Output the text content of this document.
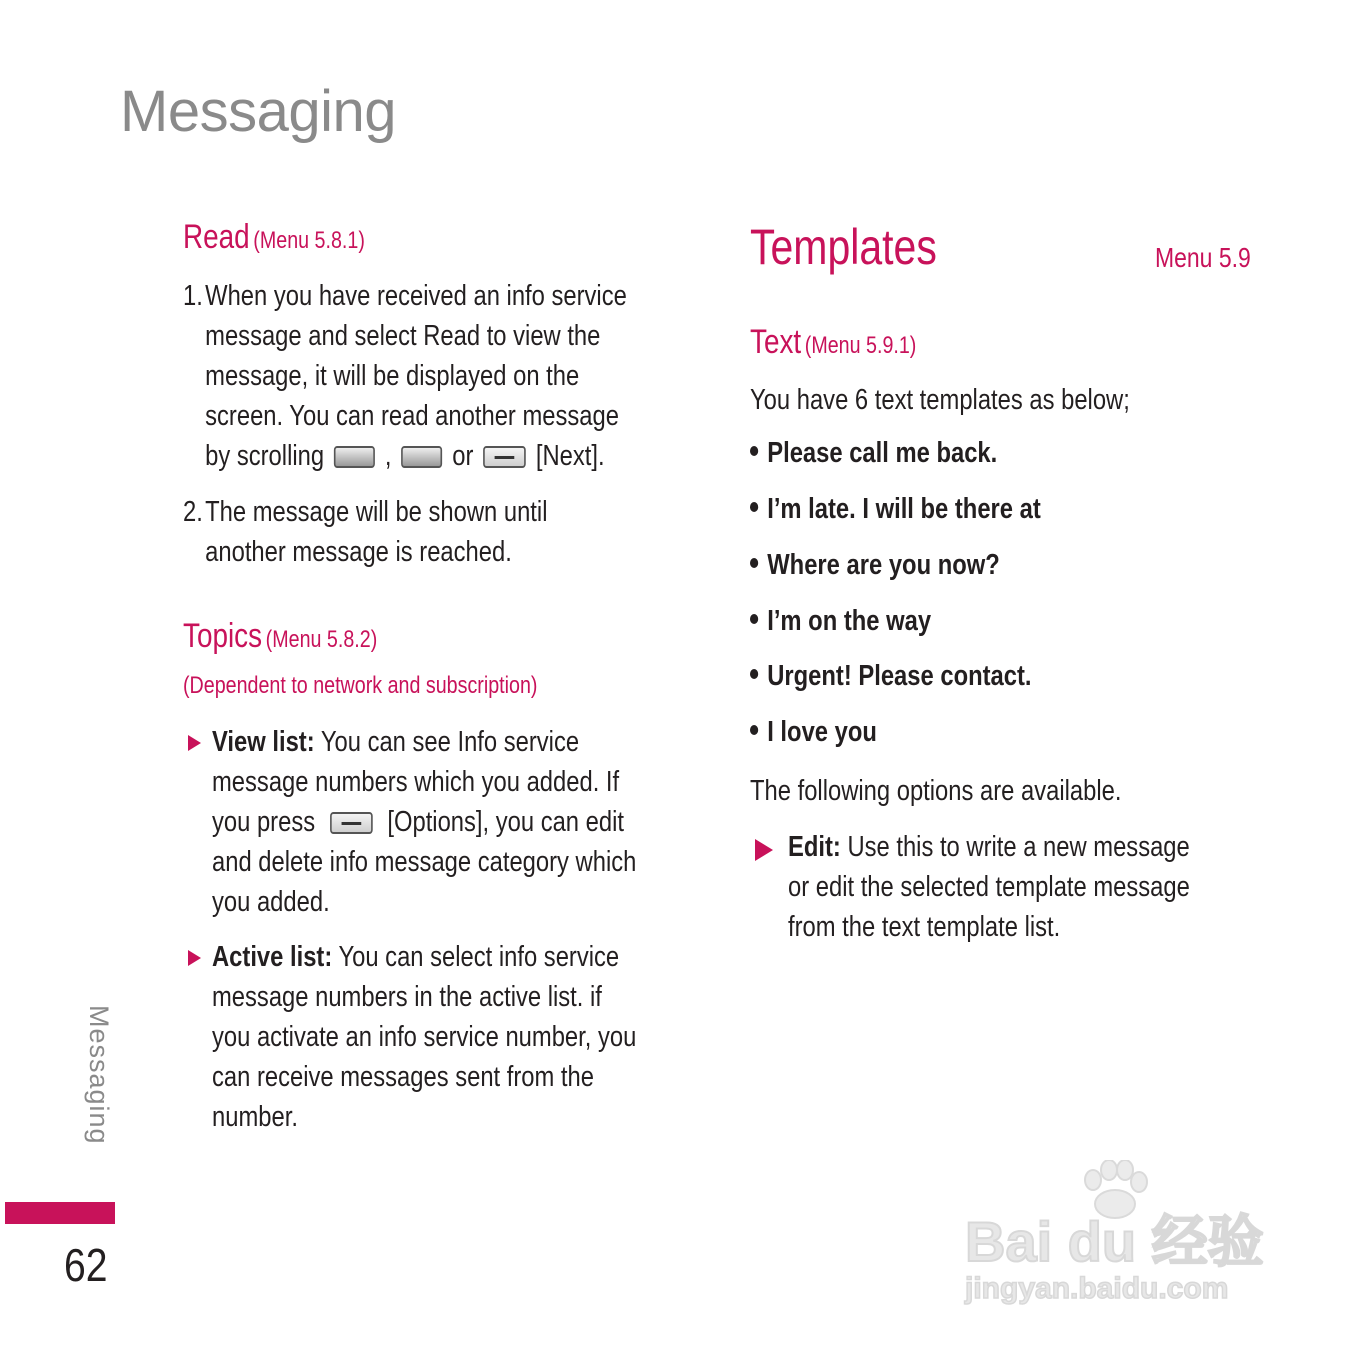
Messaging
Read (Menu 5.8.1)
1.When you have received an info service
message and select Read to view the
message, it will be displayed on the
screen. You can read another message
by scrolling , or [Next].
2.The message will be shown until
another message is reached.
Topics (Menu 5.8.2)
(Dependent to network and subscription)
View list: You can see Info service
message numbers which you added. If
you press [Options], you can edit
and delete info message category which
you added.
Active list: You can select info service
message numbers in the active list. if
you activate an info service number, you
can receive messages sent from the
number.
Templates	Menu 5.9
Text (Menu 5.9.1)
You have 6 text templates as below;
Please call me back.
I’m late. I will be there at
Where are you now?
I’m on the way
Urgent! Please contact.
I love you
The following options are available.
Edit: Use this to write a new message
or edit the selected template message
from the text template list.
Messaging
62	Bai du 经验
jingyan.baidu.com
